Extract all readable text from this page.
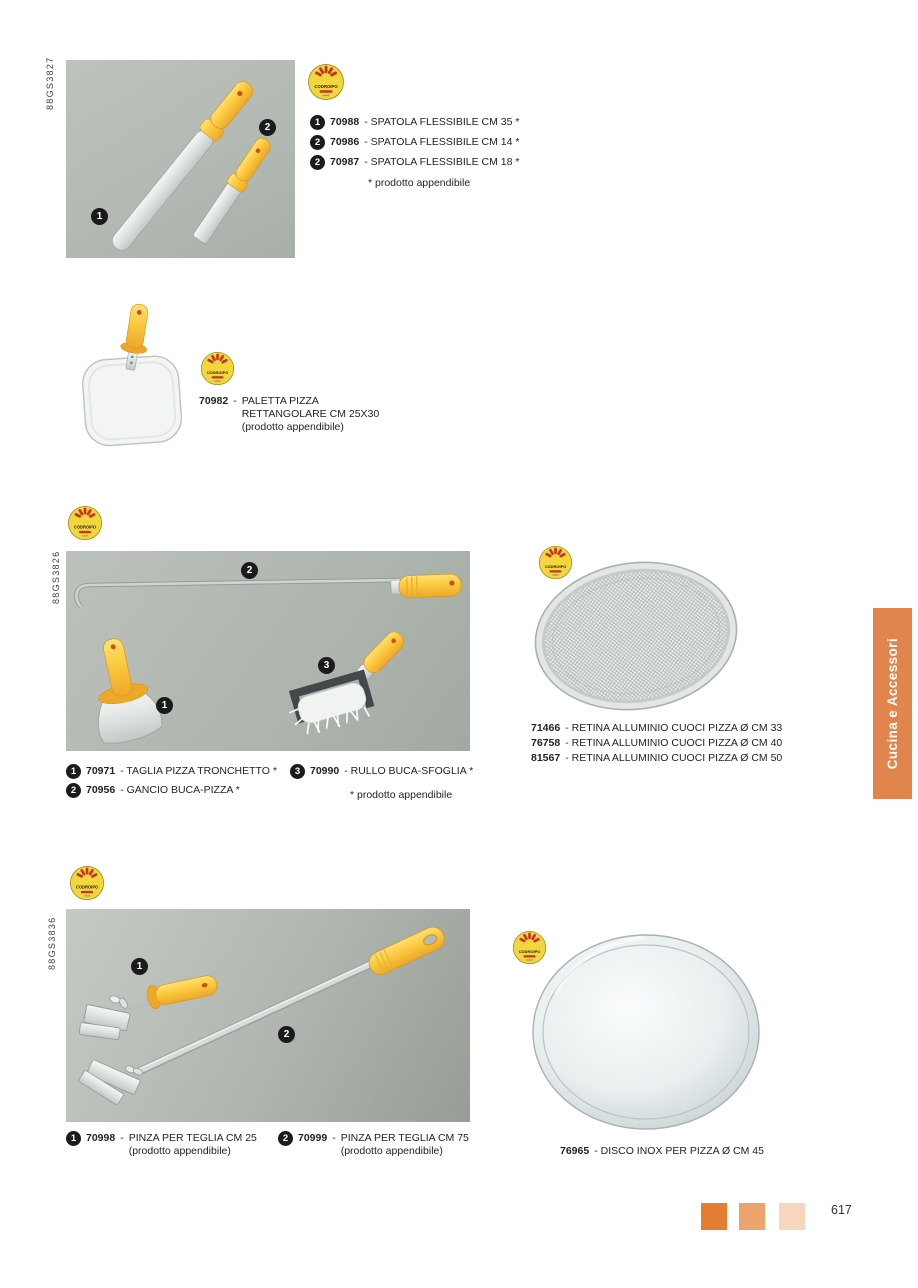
88GS3827
1
2	1 70988 - SPATOLA FLESSIBILE CM 35 *
2 70986 - SPATOLA FLESSIBILE CM 14 *
2 70987 - SPATOLA FLESSIBILE CM 18 *
* prodotto appendibile
70982 - PALETTA PIZZA
RETTANGOLARE CM 25X30
(prodotto appendibile)
88GS3826	2
1
3
1 70971 - TAGLIA PIZZA TRONCHETTO *
2 70956 - GANCIO BUCA-PIZZA *
3 70990 - RULLO BUCA-SFOGLIA *
* prodotto appendibile
71466 - RETINA ALLUMINIO CUOCI PIZZA Ø CM 33
76758 - RETINA ALLUMINIO CUOCI PIZZA Ø CM 40
81567 - RETINA ALLUMINIO CUOCI PIZZA Ø CM 50	Cucina e Accessori
88GS3836	1
2
1 70998 - PINZA PER TEGLIA CM 25
(prodotto appendibile)
2 70999 - PINZA PER TEGLIA CM 75
(prodotto appendibile)	76965 - DISCO INOX PER PIZZA Ø CM 45
617
